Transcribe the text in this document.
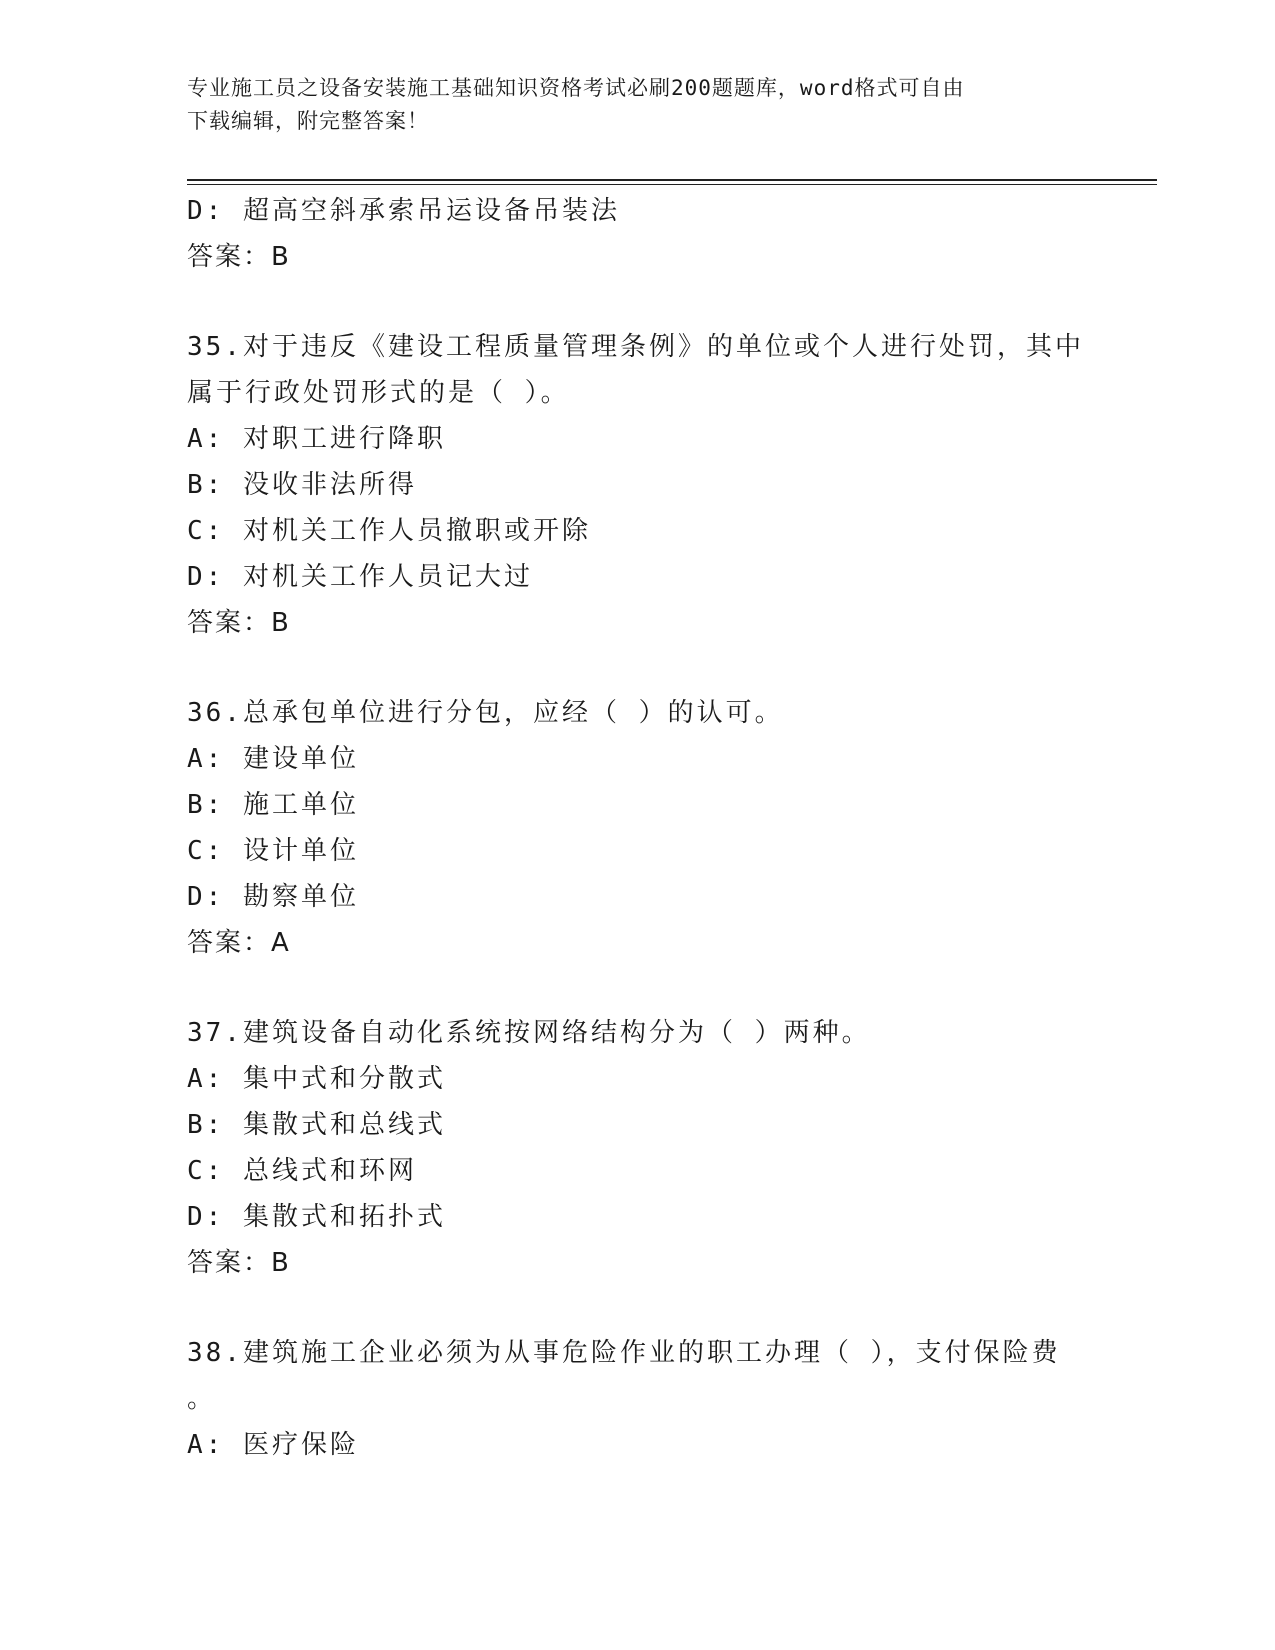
专业施工员之设备安装施工基础知识资格考试必刷200题题库，word格式可自由
下载编辑，附完整答案！
D: 超高空斜承索吊运设备吊装法
答案：B
35.对于违反《建设工程质量管理条例》的单位或个人进行处罚，其中
属于行政处罚形式的是（ ）。
A: 对职工进行降职
B: 没收非法所得
C: 对机关工作人员撤职或开除
D: 对机关工作人员记大过
答案：B
36.总承包单位进行分包，应经（ ）的认可。
A: 建设单位
B: 施工单位
C: 设计单位
D: 勘察单位
答案：A
37.建筑设备自动化系统按网络结构分为（ ）两种。
A: 集中式和分散式
B: 集散式和总线式
C: 总线式和环网
D: 集散式和拓扑式
答案：B
38.建筑施工企业必须为从事危险作业的职工办理（ ），支付保险费
。
A: 医疗保险
